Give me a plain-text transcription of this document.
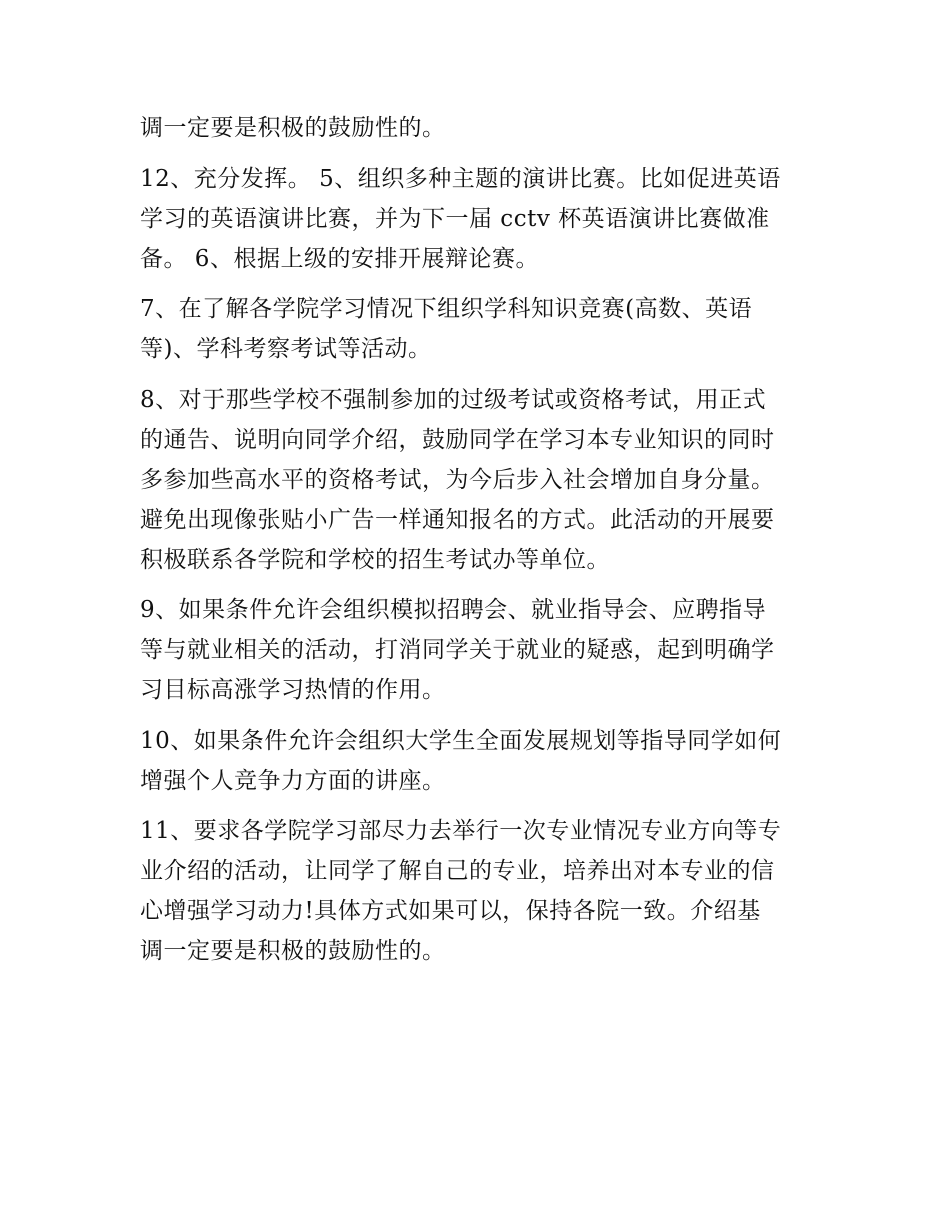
调一定要是积极的鼓励性的。
12、充分发挥。 5、组织多种主题的演讲比赛。比如促进英语
学习的英语演讲比赛，并为下一届 cctv 杯英语演讲比赛做准
备。 6、根据上级的安排开展辩论赛。
7、在了解各学院学习情况下组织学科知识竞赛(高数、英语
等)、学科考察考试等活动。
8、对于那些学校不强制参加的过级考试或资格考试，用正式
的通告、说明向同学介绍，鼓励同学在学习本专业知识的同时
多参加些高水平的资格考试，为今后步入社会增加自身分量。
避免出现像张贴小广告一样通知报名的方式。此活动的开展要
积极联系各学院和学校的招生考试办等单位。
9、如果条件允许会组织模拟招聘会、就业指导会、应聘指导
等与就业相关的活动，打消同学关于就业的疑惑，起到明确学
习目标高涨学习热情的作用。
10、如果条件允许会组织大学生全面发展规划等指导同学如何
增强个人竞争力方面的讲座。
11、要求各学院学习部尽力去举行一次专业情况专业方向等专
业介绍的活动，让同学了解自己的专业，培养出对本专业的信
心增强学习动力!具体方式如果可以，保持各院一致。介绍基
调一定要是积极的鼓励性的。
